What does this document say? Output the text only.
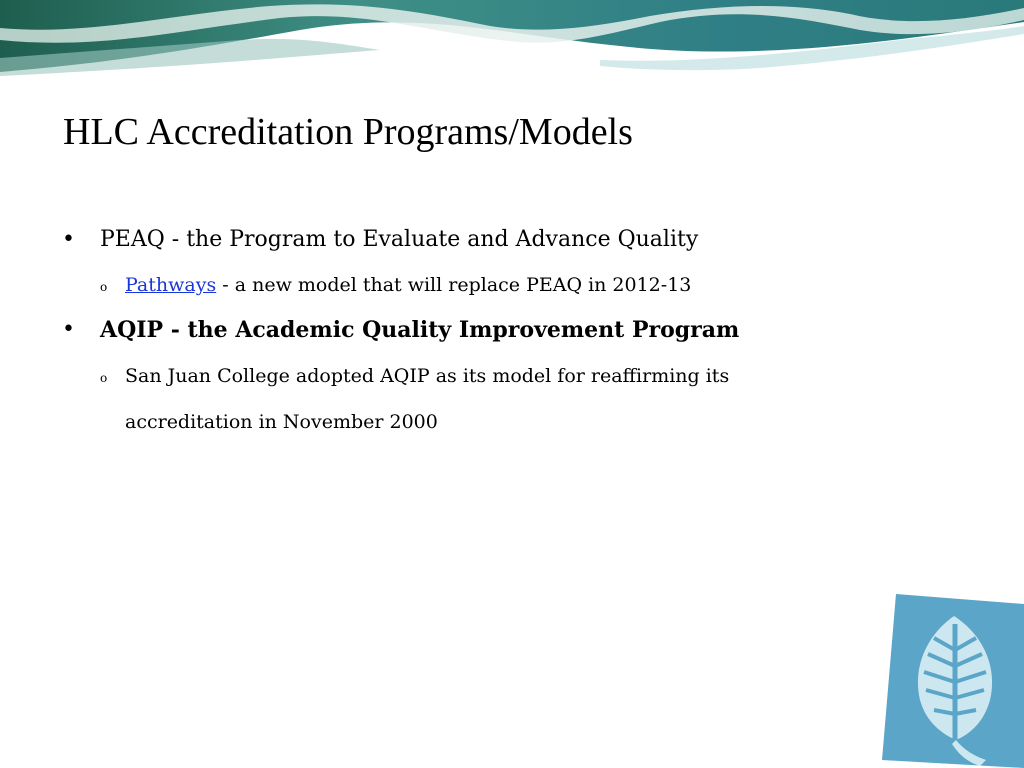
HLC Accreditation Programs/Models
• PEAQ - the Program to Evaluate and Advance Quality
o Pathways - a new model that will replace PEAQ in 2012-13
• AQIP - the Academic Quality Improvement Program
o San Juan College adopted AQIP as its model for reaffirming its
accreditation in November 2000
